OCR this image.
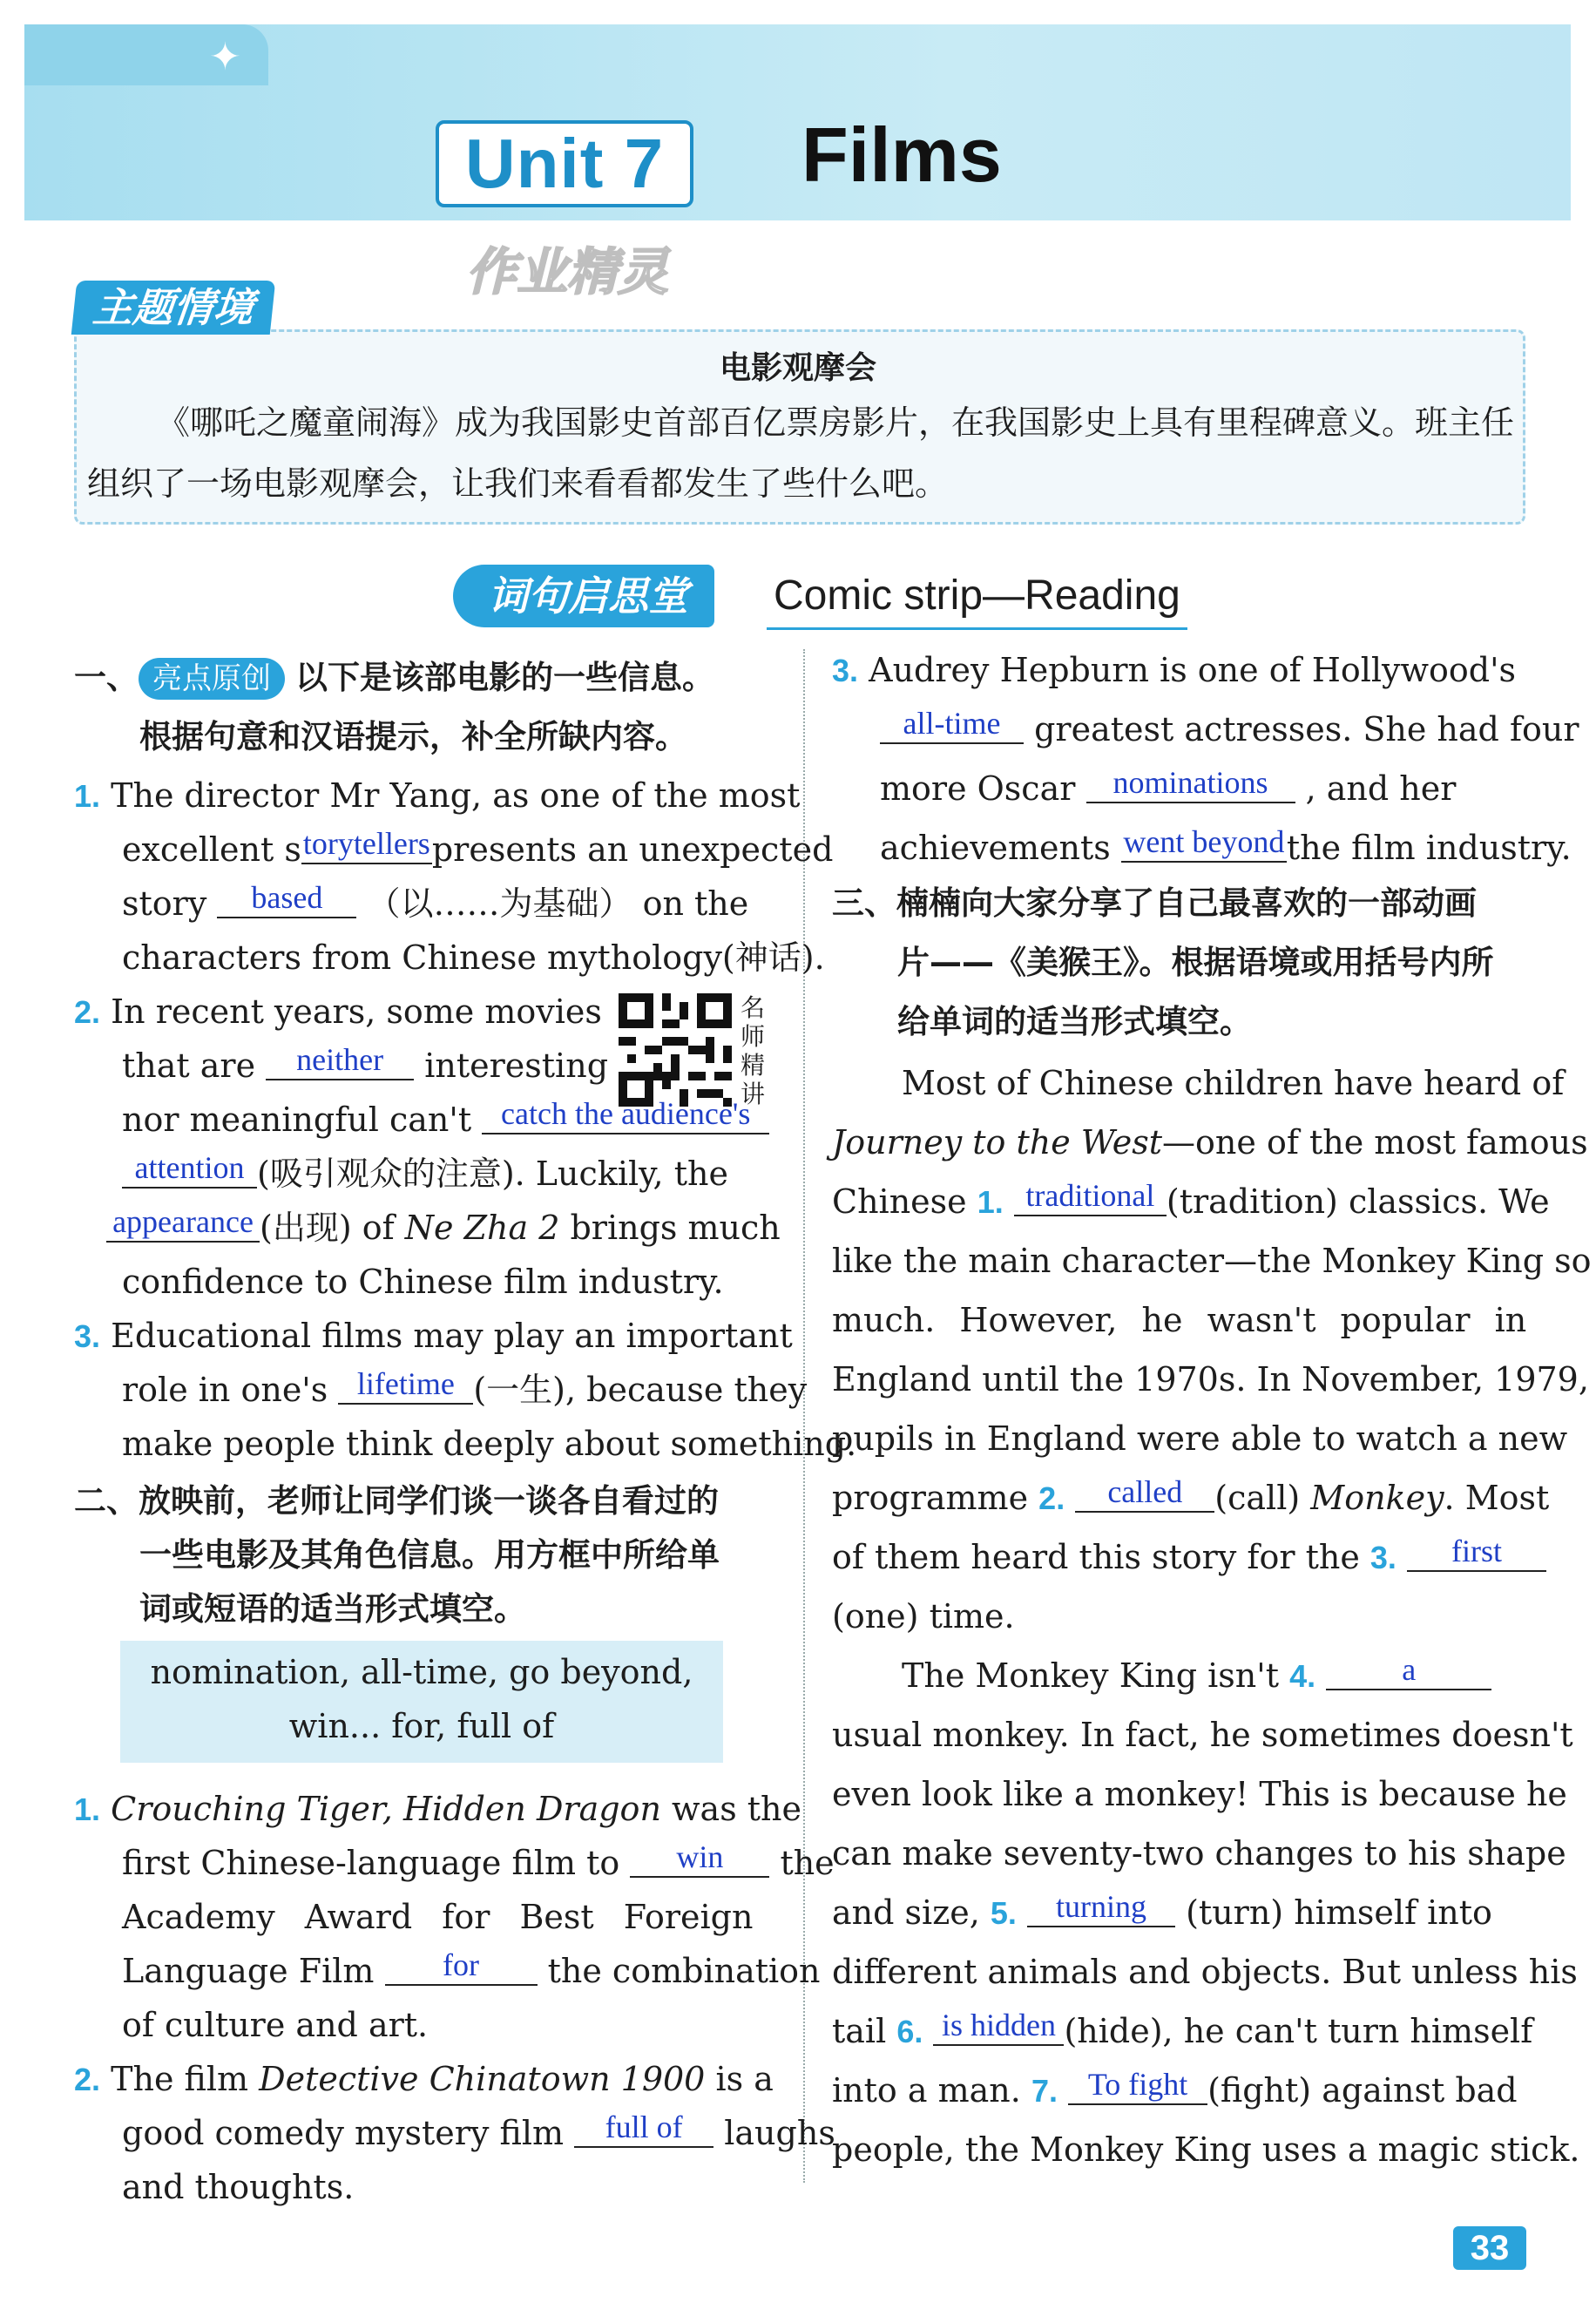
✦
Unit 7	Films
作业精灵
主题情境
电影观摩会
《哪吒之魔童闹海》成为我国影史首部百亿票房影片，在我国影史上具有里程碑意义。班主任组织了一场电影观摩会，让我们来看看都发生了些什么吧。
词句启思堂	Comic strip—Reading
一、 亮点原创 以下是该部电影的一些信息。
根据句意和汉语提示，补全所缺内容。
1. The director Mr Yang, as one of the most
excellent storytellerspresents an unexpected
story based （以……为基础） on the
characters from Chinese mythology(神话).
2. In recent years, some movies	名师精讲
that are neither interesting
nor meaningful can't catch the audience's
attention (吸引观众的注意). Luckily, the
appearance (出现) of Ne Zha 2 brings much
confidence to Chinese film industry.
3. Educational films may play an important
role in one's lifetime (一生), because they
make people think deeply about something.
二、放映前，老师让同学们谈一谈各自看过的
一些电影及其角色信息。用方框中所给单
词或短语的适当形式填空。
nomination, all-time, go beyond,
win... for, full of
1. Crouching Tiger, Hidden Dragon was the
first Chinese-language film to win the
Academy Award for Best Foreign
Language Film for the combination
of culture and art.
2. The film Detective Chinatown 1900 is a
good comedy mystery film full of laughs
and thoughts.
3. Audrey Hepburn is one of Hollywood's
all-time greatest actresses. She had four
more Oscar nominations , and her
achievements went beyondthe film industry.
三、楠楠向大家分享了自己最喜欢的一部动画
片——《美猴王》。根据语境或用括号内所
给单词的适当形式填空。
Most of Chinese children have heard of
Journey to the West—one of the most famous
Chinese 1. traditional (tradition) classics. We
like the main character—the Monkey King so
much. However, he wasn't popular in
England until the 1970s. In November, 1979,
pupils in England were able to watch a new
programme 2. called (call) Monkey. Most
of them heard this story for the 3. first
(one) time.
The Monkey King isn't 4.	a
usual monkey. In fact, he sometimes doesn't
even look like a monkey! This is because he
can make seventy-two changes to his shape
and size, 5. turning (turn) himself into
different animals and objects. But unless his
tail 6. is hidden (hide), he can't turn himself
into a man. 7. To fight (fight) against bad
people, the Monkey King uses a magic stick.
33
